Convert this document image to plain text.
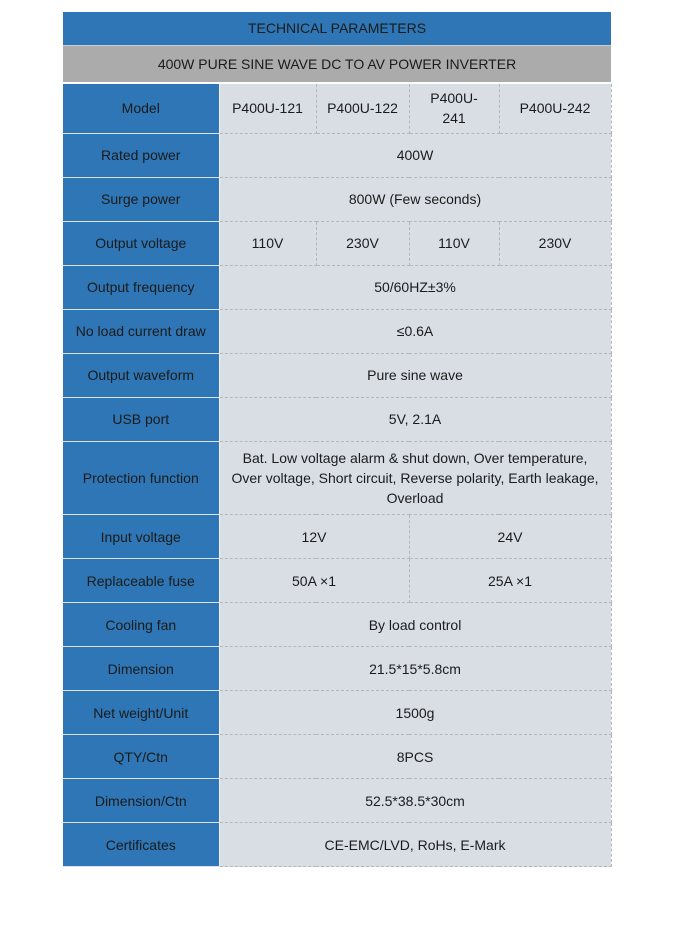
TECHNICAL PARAMETERS				
400W PURE SINE WAVE DC TO AV POWER INVERTER				
Model	P400U-121	P400U-122	P400U-241	P400U-242
Rated power	400W			
Surge power	800W (Few seconds)			
Output voltage	110V	230V	110V	230V
Output frequency	50/60HZ±3%			
No load current draw	≤0.6A			
Output waveform	Pure sine wave			
USB port	5V, 2.1A			
Protection function	Bat. Low voltage alarm & shut down, Over temperature, Over voltage, Short circuit, Reverse polarity, Earth leakage, Overload			
Input voltage	12V		24V	
Replaceable fuse	50A ×1		25A ×1	
Cooling fan	By load control			
Dimension	21.5*15*5.8cm			
Net weight/Unit	1500g			
QTY/Ctn	8PCS			
Dimension/Ctn	52.5*38.5*30cm			
Certificates	CE-EMC/LVD, RoHs, E-Mark			
